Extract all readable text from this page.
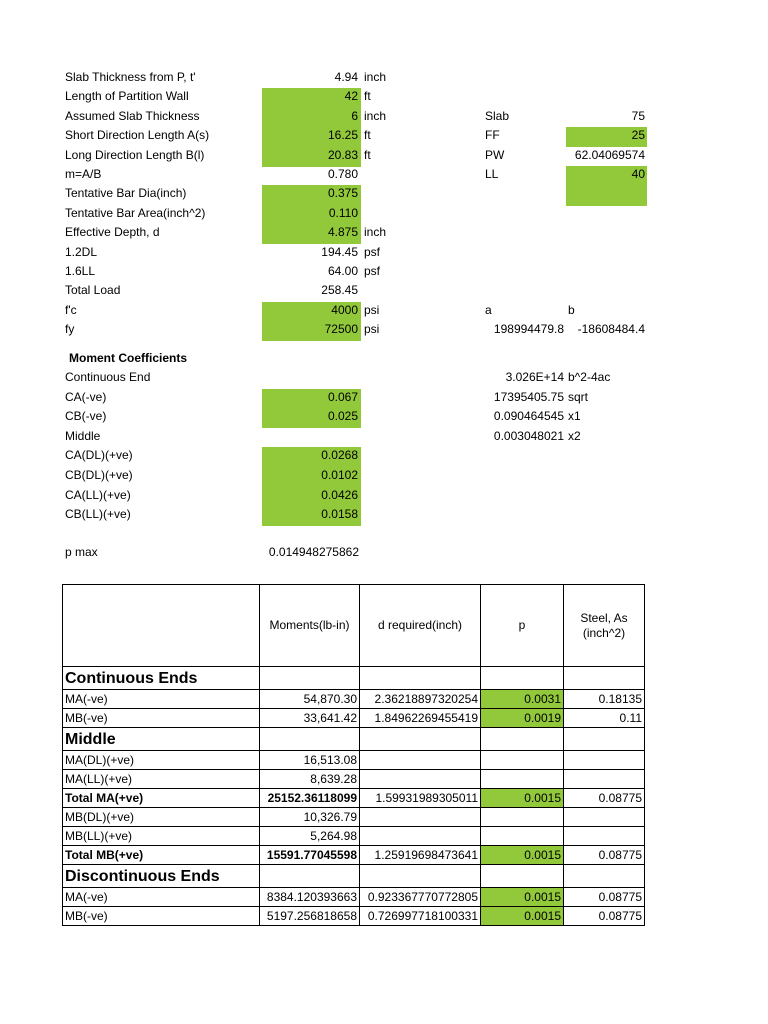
Slab Thickness from P, t'	4.94 inch
Length of Partition Wall	42 ft
Assumed Slab Thickness	6 inch
Short Direction Length A(s)	16.25 ft
Long Direction Length B(l)	20.83 ft
m=A/B	0.780
Tentative Bar Dia(inch)	0.375
Tentative Bar Area(inch^2)	0.110
Effective Depth, d	4.875 inch
1.2DL	194.45 psf
1.6LL	64.00 psf
Total Load	258.45
f'c	4000 psi
fy	72500 psi
Slab	75
FF	25
PW	62.04069574
LL	40
a	b
198994479.8	-18608484.4
3.026E+14 b^2-4ac
17395405.75 sqrt
0.090464545 x1
0.003048021 x2
Moment Coefficients
Continuous End
CA(-ve)	0.067
CB(-ve)	0.025
Middle
CA(DL)(+ve)	0.0268
CB(DL)(+ve)	0.0102
CA(LL)(+ve)	0.0426
CB(LL)(+ve)	0.0158
p max	0.014948275862
	Moments(lb-in)	d required(inch)	p	Steel, As
(inch^2)
Continuous Ends				
MA(-ve)	54,870.30	2.36218897320254	0.0031	0.18135
MB(-ve)	33,641.42	1.84962269455419	0.0019	0.11
Middle				
MA(DL)(+ve)	16,513.08			
MA(LL)(+ve)	8,639.28			
Total MA(+ve)	25152.36118099	1.59931989305011	0.0015	0.08775
MB(DL)(+ve)	10,326.79			
MB(LL)(+ve)	5,264.98			
Total MB(+ve)	15591.77045598	1.25919698473641	0.0015	0.08775
Discontinuous Ends				
MA(-ve)	8384.120393663	0.923367770772805	0.0015	0.08775
MB(-ve)	5197.256818658	0.726997718100331	0.0015	0.08775
